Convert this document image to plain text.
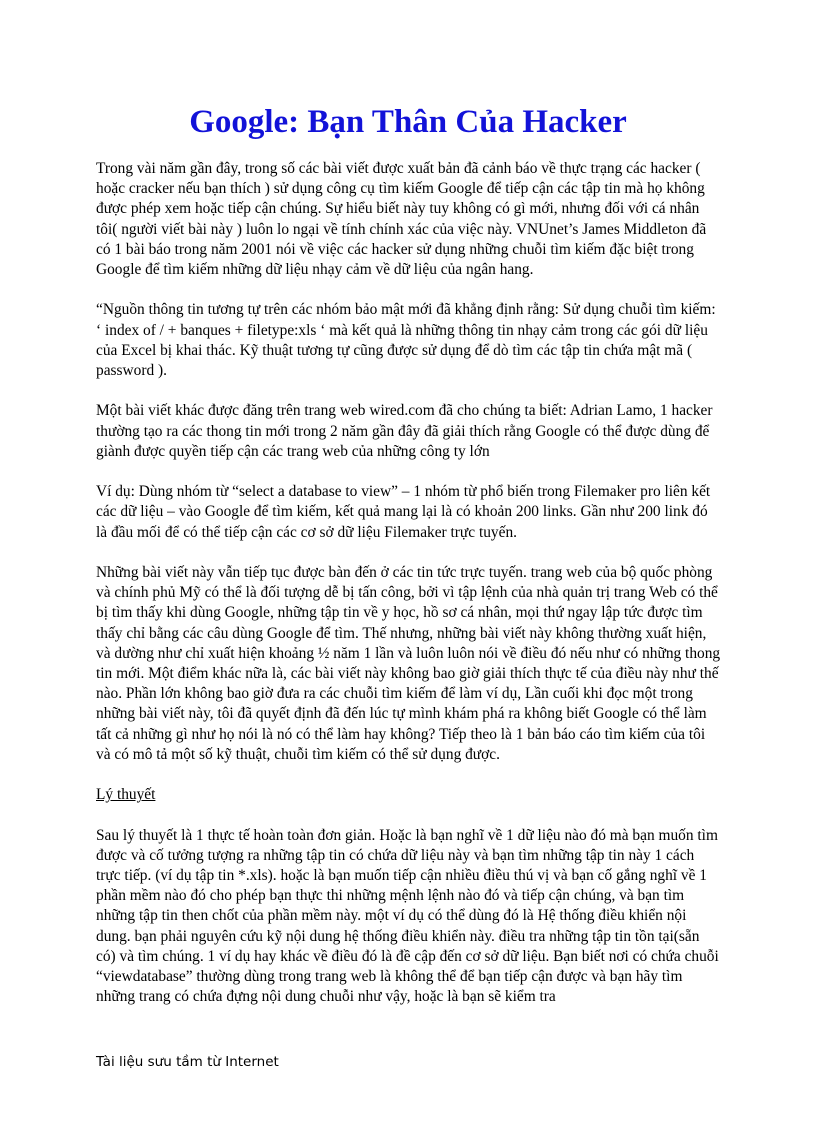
Google: Bạn Thân Của Hacker

Trong vài năm gần đây, trong số các bài viết được xuất bản đã cảnh báo về thực trạng các hacker ( hoặc cracker nếu bạn thích ) sử dụng công cụ tìm kiếm Google để tiếp cận các tập tin mà họ không được phép xem hoặc tiếp cận chúng. Sự hiểu biết này tuy không có gì mới, nhưng đối với cá nhân tôi( người viết bài này ) luôn lo ngại về tính chính xác của việc này. VNUnet’s James Middleton đã có 1 bài báo trong năm 2001 nói về việc các hacker sử dụng những chuỗi tìm kiếm đặc biệt trong Google để tìm kiếm những dữ liệu nhạy cảm về dữ liệu của ngân hang.

“Nguồn thông tin tương tự trên các nhóm bảo mật mới đã khẳng định rằng: Sử dụng chuỗi tìm kiếm: ‘ index of / + banques + filetype:xls ‘ mà kết quả là những thông tin nhạy cảm trong các gói dữ liệu của Excel bị khai thác. Kỹ thuật tương tự cũng được sử dụng để dò tìm các tập tin chứa mật mã ( password ).

Một bài viết khác được đăng trên trang web wired.com đã cho chúng ta biết: Adrian Lamo, 1 hacker thường tạo ra các thong tin mới trong 2 năm gần đây đã giải thích rằng Google có thể được dùng để giành được quyền tiếp cận các trang web của những công ty lớn

Ví dụ: Dùng nhóm từ “select a database to view” – 1 nhóm từ phổ biến trong Filemaker pro liên kết các dữ liệu – vào Google để tìm kiếm, kết quả mang lại là có khoản 200 links. Gần như 200 link đó là đầu mối để có thể tiếp cận các cơ sở dữ liệu Filemaker trực tuyến.

Những bài viết này vẫn tiếp tục được bàn đến ở các tin tức trực tuyến. trang web của bộ quốc phòng và chính phủ Mỹ có thể là đối tượng dễ bị tấn công, bởi vì tập lệnh của nhà quản trị trang Web có thể bị tìm thấy khi dùng Google, những tập tin về y học, hồ sơ cá nhân, mọi thứ ngay lập tức được tìm thấy chỉ bằng các câu dùng Google để tìm. Thế nhưng, những bài viết này không thường xuất hiện, và dường như chỉ xuất hiện khoảng ½ năm 1 lần và luôn luôn nói về điều đó nếu như có những thong tin mới. Một điểm khác nữa là, các bài viết này không bao giờ giải thích thực tế của điều này như thế nào. Phần lớn không bao giờ đưa ra các chuỗi tìm kiếm để làm ví dụ, Lần cuối khi đọc một trong những bài viết này, tôi đã quyết định đã đến lúc tự mình khám phá ra không biết Google có thể làm tất cả những gì như họ nói là nó có thể làm hay không? Tiếp theo là 1 bản báo cáo tìm kiếm của tôi và có mô tả một số kỹ thuật, chuỗi tìm kiếm có thể sử dụng được.

Lý thuyết

Sau lý thuyết là 1 thực tế hoàn toàn đơn giản. Hoặc là bạn nghĩ về 1 dữ liệu nào đó mà bạn muốn tìm được và cố tưởng tượng ra những tập tin có chứa dữ liệu này và bạn tìm những tập tin này 1 cách trực tiếp. (ví dụ tập tin *.xls). hoặc là bạn muốn tiếp cận nhiều điều thú vị và bạn cố gắng nghĩ về 1 phần mềm nào đó cho phép bạn thực thi những mệnh lệnh nào đó và tiếp cận chúng, và bạn tìm những tập tin then chốt của phần mềm này. một ví dụ có thể dùng đó là Hệ thống điều khiển nội dung. bạn phải nguyên cứu kỹ nội dung hệ thống điều khiển này. điều tra những tập tin tồn tại(sẵn có) và tìm chúng. 1 ví dụ hay khác về điều đó là đề cập đến cơ sở dữ liệu. Bạn biết nơi có chứa chuỗi “viewdatabase” thường dùng trong trang web là không thể để bạn tiếp cận được và bạn hãy tìm những trang có chứa đựng nội dung chuỗi như vậy, hoặc là bạn sẽ kiểm tra

Tài liệu sưu tầm từ Internet
